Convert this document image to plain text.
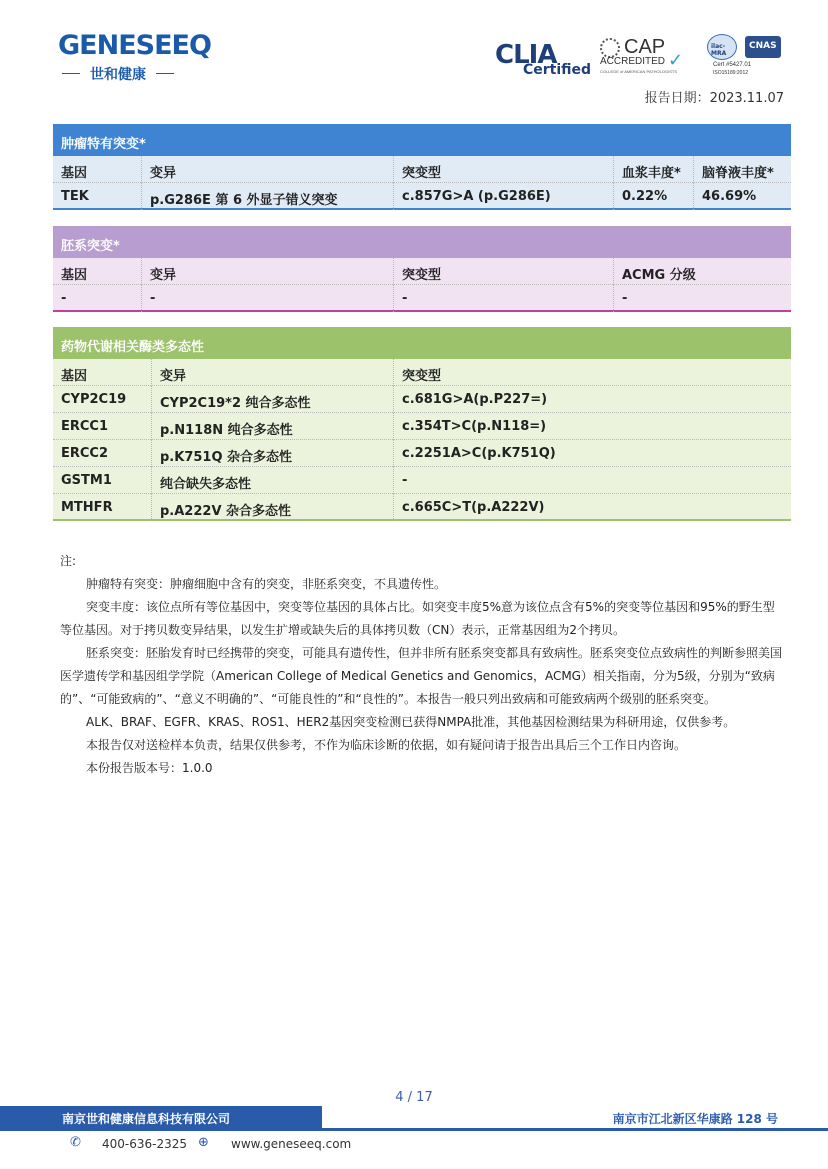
GENESEEQ
世和健康
CLIA
Certified
CAP
ACCREDITED ✓
COLLEGE of AMERICAN PATHOLOGISTS
ilac-MRA
CNAS
Cert #5427.01
ISO15189:2012
报告日期：2023.11.07
肿瘤特有突变*
基因	变异	突变型	血浆丰度*	脑脊液丰度*
TEK	p.G286E 第 6 外显子错义突变	c.857G>A (p.G286E)	0.22%	46.69%
胚系突变*
基因	变异	突变型	ACMG 分级
-	-	-	-
药物代谢相关酶类多态性
基因	变异	突变型
CYP2C19	CYP2C19*2 纯合多态性	c.681G>A(p.P227=)
ERCC1	p.N118N 纯合多态性	c.354T>C(p.N118=)
ERCC2	p.K751Q 杂合多态性	c.2251A>C(p.K751Q)
GSTM1	纯合缺失多态性	-
MTHFR	p.A222V 杂合多态性	c.665C>T(p.A222V)

注:

肿瘤特有突变：肿瘤细胞中含有的突变，非胚系突变，不具遗传性。

突变丰度：该位点所有等位基因中，突变等位基因的具体占比。如突变丰度5%意为该位点含有5%的突变等位基因和95%的野生型等位基因。对于拷贝数变异结果，以发生扩增或缺失后的具体拷贝数（CN）表示，正常基因组为2个拷贝。

胚系突变：胚胎发育时已经携带的突变，可能具有遗传性，但并非所有胚系突变都具有致病性。胚系突变位点致病性的判断参照美国医学遗传学和基因组学学院（American College of Medical Genetics and Genomics，ACMG）相关指南，分为5级，分别为“致病的”、“可能致病的”、“意义不明确的”、“可能良性的”和“良性的”。本报告一般只列出致病和可能致病两个级别的胚系突变。

ALK、BRAF、EGFR、KRAS、ROS1、HER2基因突变检测已获得NMPA批准，其他基因检测结果为科研用途，仅供参考。

本报告仅对送检样本负责，结果仅供参考，不作为临床诊断的依据，如有疑问请于报告出具后三个工作日内咨询。

本份报告版本号：1.0.0

4 / 17
南京世和健康信息科技有限公司	南京市江北新区华康路 128 号
✆ 400-636-2325 ⊕ www.geneseeq.com
